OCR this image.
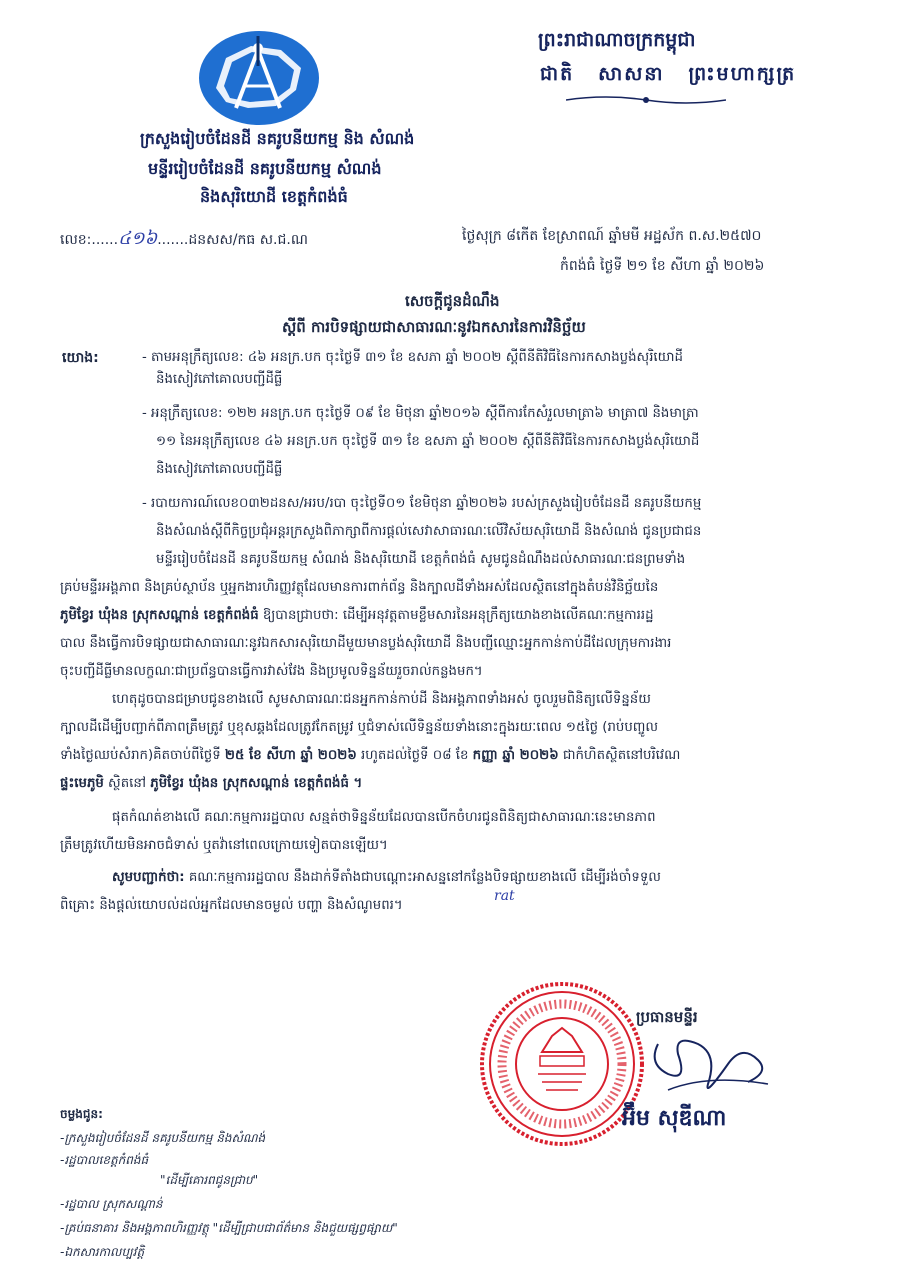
ព្រះរាជាណាចក្រកម្ពុជា
ជាតិ សាសនា ព្រះមហាក្សត្រ
ក្រសួងរៀបចំដែនដី នគរូបនីយកម្ម និង សំណង់
មន្ទីររៀបចំដែនដី នគរូបនីយកម្ម សំណង់
និងសុរិយោដី ខេត្តកំពង់ធំ
លេខ:......៤១៦.......ដនសស/កធ ស.ជ.ណ	ថ្ងៃសុក្រ ៨កើត ខែស្រាពណ៍ ឆ្នាំមមី អដ្ឋស័ក ព.ស.២៥៧០
កំពង់ធំ ថ្ងៃទី ២១ ខែ សីហា ឆ្នាំ ២០២៦
សេចក្ដីជូនដំណឹង
ស្ដីពី ការបិទផ្សាយជាសាធារណៈនូវឯកសារនៃការវិនិច្ឆ័យ
យោង:	- តាមអនុក្រឹត្យលេខ: ៤៦ អនក្រ.បក ចុះថ្ងៃទី ៣១ ខែ ឧសភា ឆ្នាំ ២០០២ ស្ដីពីនីតិវិធីនៃការកសាងប្លង់សុរិយោដី
និងសៀវភៅគោលបញ្ជីដីធ្លី
- អនុក្រឹត្យលេខ: ១២២ អនក្រ.បក ចុះថ្ងៃទី ០៩ ខែ មិថុនា ឆ្នាំ២០១៦ ស្ដីពីការកែសំរួលមាត្រា៦ មាត្រា៧ និងមាត្រា
១១ នៃអនុក្រឹត្យលេខ ៤៦ អនក្រ.បក ចុះថ្ងៃទី ៣១ ខែ ឧសភា ឆ្នាំ ២០០២ ស្ដីពីនីតិវិធីនៃការកសាងប្លង់សុរិយោដី
និងសៀវភៅគោលបញ្ជីដីធ្លី
- របាយការណ៍លេខ០៣២ដនស/អរប/របា ចុះថ្ងៃទី០១ ខែមិថុនា ឆ្នាំ២០២៦ របស់ក្រសួងរៀបចំដែនដី នគរូបនីយកម្ម
និងសំណង់ស្ដីពីកិច្ចប្រជុំអន្តរក្រសួងពិភាក្សាពីការផ្ដល់សេវាសាធារណៈលើវិស័យសុរិយោដី និងសំណង់ ជូនប្រជាជន
មន្ទីររៀបចំដែនដី នគរូបនីយកម្ម សំណង់ និងសុរិយោដី ខេត្តកំពង់ធំ សូមជូនដំណឹងដល់សាធារណៈជនព្រមទាំង
គ្រប់មន្ទីរអង្គភាព និងគ្រប់ស្ថាប័ន ឬអ្នកងារហិរញ្ញវត្ថុដែលមានការពាក់ព័ន្ធ និងក្បាលដីទាំងអស់ដែលស្ថិតនៅក្នុងតំបន់វិនិច្ឆ័យនៃ
ភូមិខ្វែរ ឃុំងន ស្រុកសណ្ដាន់ ខេត្តកំពង់ធំ ឱ្យបានជ្រាបថា: ដើម្បីអនុវត្តតាមខ្លឹមសារនៃអនុក្រឹត្យយោងខាងលើគណៈកម្មការរដ្ឋ
បាល នឹងធ្វើការបិទផ្សាយជាសាធារណៈនូវឯកសារសុរិយោដីមួយមានប្លង់សុរិយោដី និងបញ្ជីឈ្មោះអ្នកកាន់កាប់ដីដែលក្រុមការងារ
ចុះបញ្ជីដីធ្លីមានលក្ខណៈជាប្រព័ន្ធបានធ្វើការវាស់វែង និងប្រមូលទិន្នន័យរួចរាល់កន្លងមក។
ហេតុដូចបានជម្រាបជូនខាងលើ សូមសាធារណៈជនអ្នកកាន់កាប់ដី និងអង្គភាពទាំងអស់ ចូលរួមពិនិត្យលើទិន្នន័យ
ក្បាលដីដើម្បីបញ្ជាក់ពីភាពត្រឹមត្រូវ ឬខុសឆ្គងដែលត្រូវកែតម្រូវ ឬជំទាស់លើទិន្នន័យទាំងនោះក្នុងរយៈពេល ១៥ថ្ងៃ (រាប់បញ្ចូល
ទាំងថ្ងៃឈប់សំរាក)គិតចាប់ពីថ្ងៃទី ២៥ ខែ សីហា ឆ្នាំ ២០២៦ រហូតដល់ថ្ងៃទី ០៨ ខែ កញ្ញា ឆ្នាំ ២០២៦ ជាកំហិតស្ថិតនៅបរិវេណ
ផ្ទះមេភូមិ ស្ថិតនៅ ភូមិខ្វែរ ឃុំងន ស្រុកសណ្ដាន់ ខេត្តកំពង់ធំ ។
ផុតកំណត់ខាងលើ គណៈកម្មការរដ្ឋបាល សន្មត់ថាទិន្នន័យដែលបានបើកចំហរជូនពិនិត្យជាសាធារណៈនេះមានភាព
ត្រឹមត្រូវហើយមិនអាចជំទាស់ ឬតវ៉ានៅពេលក្រោយទៀតបានឡើយ។
សូមបញ្ជាក់ថា: គណៈកម្មការរដ្ឋបាល នឹងដាក់ទីតាំងជាបណ្ដោះអាសន្ននៅកន្លែងបិទផ្សាយខាងលើ ដើម្បីរង់ចាំទទួល
ពិគ្រោះ និងផ្ដល់យោបល់ដល់អ្នកដែលមានចម្ងល់ បញ្ហា និងសំណូមពរ។
rat
ប្រធានមន្ទីរ
អ៊ឹម សុឌីណា
ចម្លងជូន:
-ក្រសួងរៀបចំដែនដី នគរូបនីយកម្ម និងសំណង់
-រដ្ឋបាលខេត្តកំពង់ធំ
"ដើម្បីគោរពជូនជ្រាប"
-រដ្ឋបាល ស្រុកសណ្ដាន់
-គ្រប់ធនាគារ និងអង្គភាពហិរញ្ញវត្ថុ "ដើម្បីជ្រាបជាព័ត៌មាន និងជួយផ្សព្វផ្សាយ"
-ឯកសារកាលប្បវត្តិ
